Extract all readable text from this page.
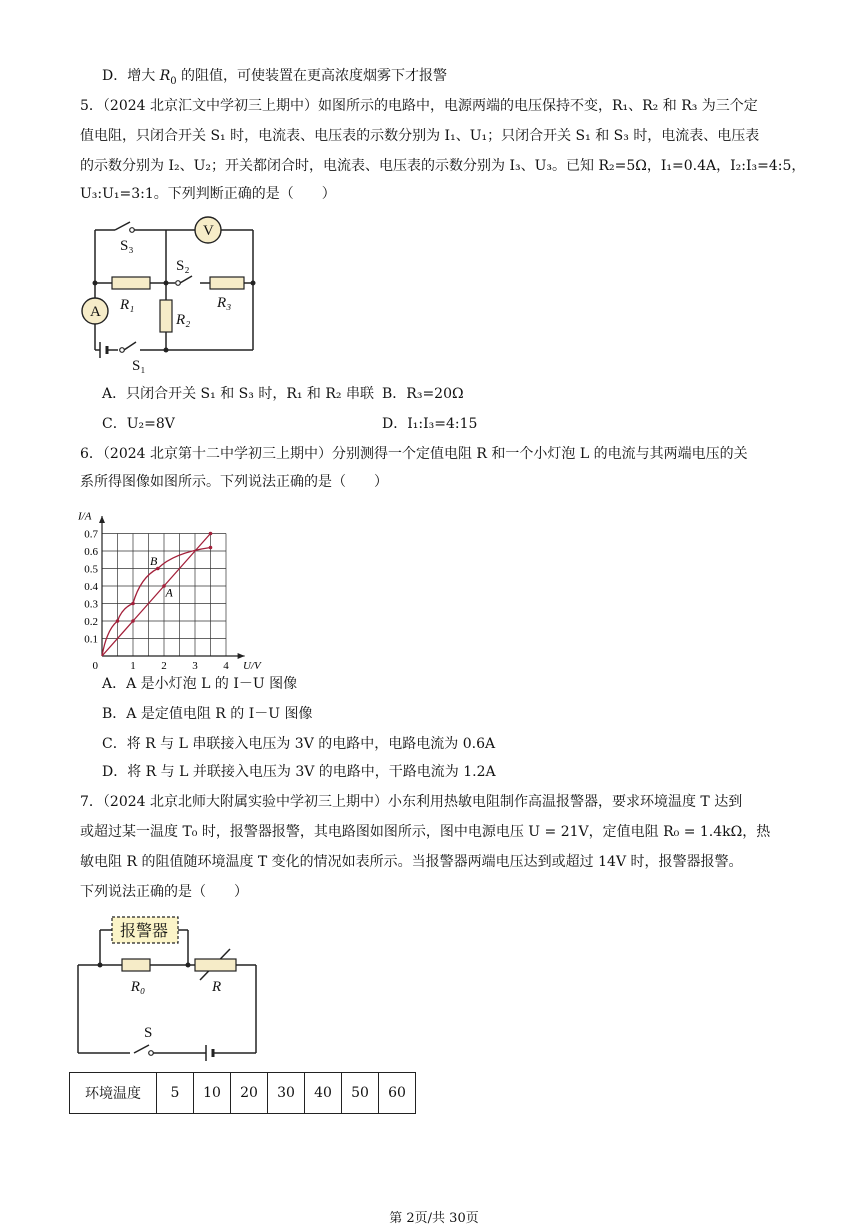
D．增大 $R_0$ 的阻值，可使装置在更高浓度烟雾下才报警
5．（2024 北京汇文中学初三上期中）如图所示的电路中，电源两端的电压保持不变，R₁、R₂ 和 R₃ 为三个定
值电阻，只闭合开关 S₁ 时，电流表、电压表的示数分别为 I₁、U₁；只闭合开关 S₁ 和 S₃ 时，电流表、电压表
的示数分别为 I₂、U₂；开关都闭合时，电流表、电压表的示数分别为 I₃、U₃。已知 R₂=5Ω，I₁=0.4A，I₂:I₃=4:5，
U₃:U₁=3:1。下列判断正确的是（　　）
V
A
S₃
S₂
R₁	R₃
R₂
S₁
A．只闭合开关 S₁ 和 S₃ 时，R₁ 和 R₂ 串联 B．R₃=20Ω
C．U₂=8V	D．I₁:I₃=4:15
6．（2024 北京第十二中学初三上期中）分别测得一个定值电阻 R 和一个小灯泡 L 的电流与其两端电压的关
系所得图像如图所示。下列说法正确的是（　　）
1 2 3 4
0.1
0.2
0.3
0.4
0.5
0.6
0.7
0	U/V
I/A
B
A
A．A 是小灯泡 L 的 I－U 图像
B．A 是定值电阻 R 的 I－U 图像
C．将 R 与 L 串联接入电压为 3V 的电路中，电路电流为 0.6A
D．将 R 与 L 并联接入电压为 3V 的电路中，干路电流为 1.2A
7．（2024 北京北师大附属实验中学初三上期中）小东利用热敏电阻制作高温报警器，要求环境温度 T 达到
或超过某一温度 T₀ 时，报警器报警，其电路图如图所示，图中电源电压 U = 21V，定值电阻 R₀ = 1.4kΩ，热
敏电阻 R 的阻值随环境温度 T 变化的情况如表所示。当报警器两端电压达到或超过 14V 时，报警器报警。
下列说法正确的是（　　）
报警器
R₀	R
S
环境温度	5	10	20	30	40	50	60
第 2页/共 30页
